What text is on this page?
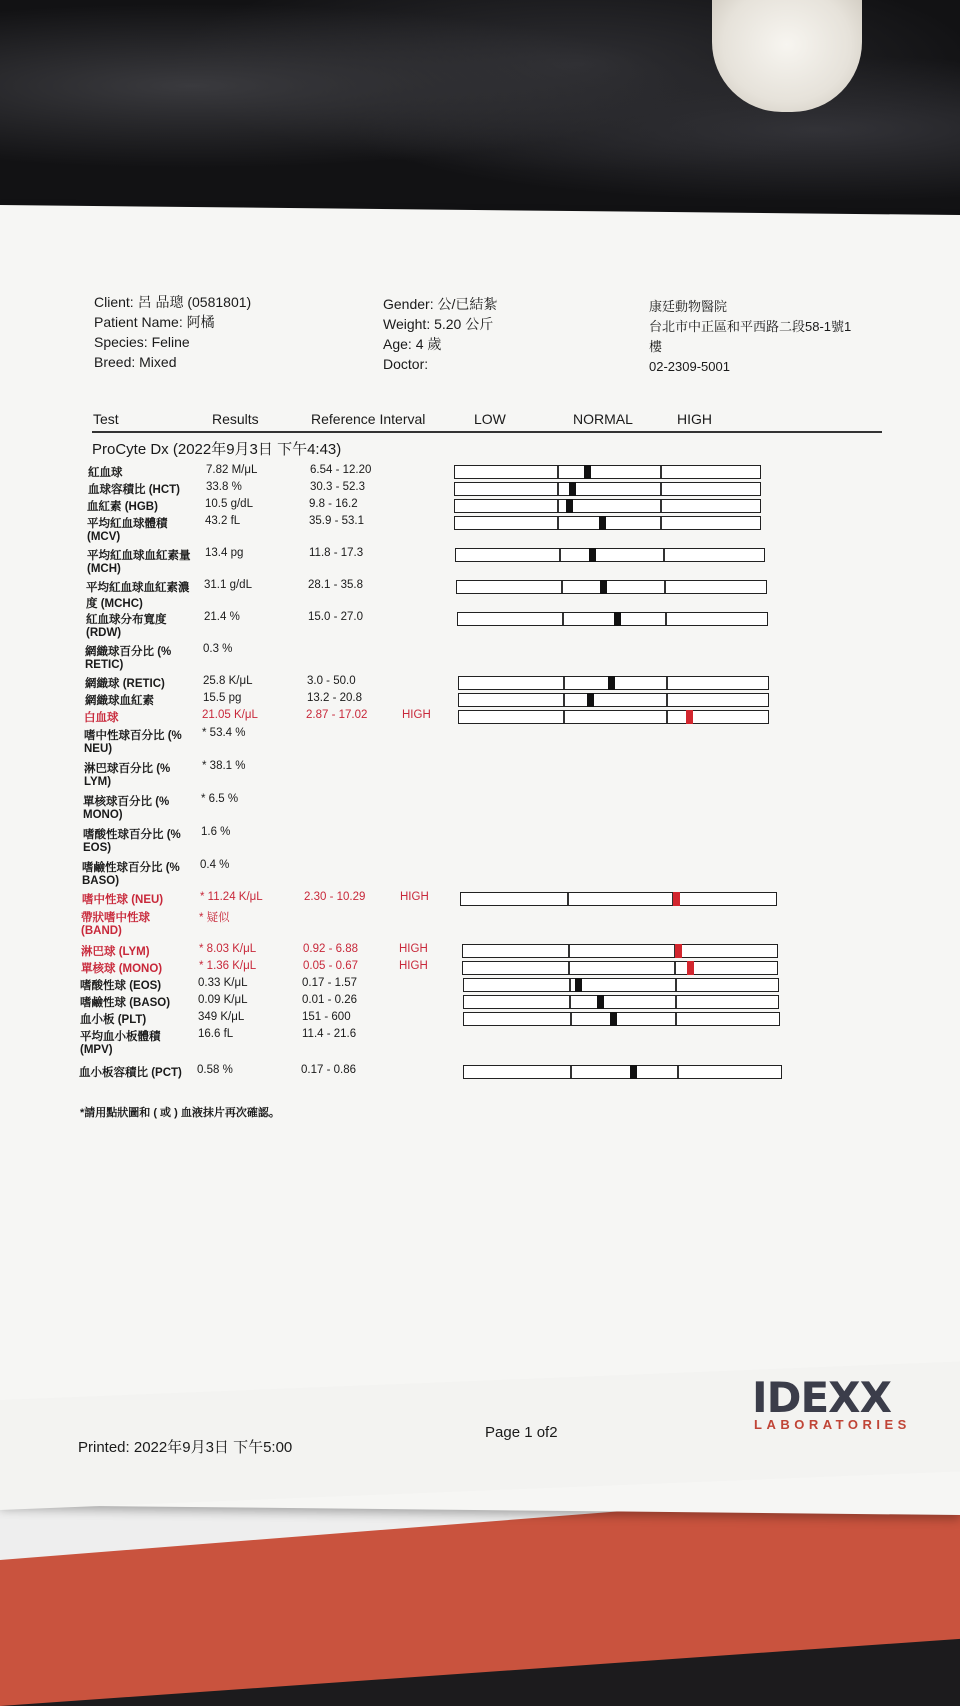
Client: 呂 品璁 (0581801)
Patient Name: 阿橘
Species: Feline
Breed: Mixed
Gender: 公/已結紮
Weight: 5.20 公斤
Age: 4 歲
Doctor:
康廷動物醫院
台北市中正區和平西路二段58-1號1
樓
02-2309-5001
Test	Results	Reference Interval	LOW	NORMAL	HIGH
ProCyte Dx (2022年9月3日 下午4:43)
紅血球	7.82 M/μL	6.54 - 12.20
血球容積比 (HCT) 33.8 %	30.3 - 52.3
血紅素 (HGB)	10.5 g/dL	9.8 - 16.2
平均紅血球體積
(MCV)
43.2 fL	35.9 - 53.1
平均紅血球血紅素量
(MCH)
13.4 pg	11.8 - 17.3
平均紅血球血紅素濃
度 (MCHC)
31.1 g/dL	28.1 - 35.8
紅血球分布寬度
(RDW)
21.4 %	15.0 - 27.0
網織球百分比 (%
RETIC)
0.3 %
網織球 (RETIC)	25.8 K/μL	3.0 - 50.0
網織球血紅素	15.5 pg	13.2 - 20.8
白血球	21.05 K/μL	2.87 - 17.02	HIGH
嗜中性球百分比 (%
NEU)
* 53.4 %
淋巴球百分比 (%
LYM)
* 38.1 %
單核球百分比 (%
MONO)
* 6.5 %
嗜酸性球百分比 (%
EOS)
1.6 %
嗜鹼性球百分比 (%
BASO)
0.4 %
嗜中性球 (NEU)	* 11.24 K/μL	2.30 - 10.29	HIGH
帶狀嗜中性球
(BAND)
* 疑似
淋巴球 (LYM)	* 8.03 K/μL	0.92 - 6.88	HIGH
單核球 (MONO)	* 1.36 K/μL	0.05 - 0.67	HIGH
嗜酸性球 (EOS)	0.33 K/μL	0.17 - 1.57
嗜鹼性球 (BASO) 0.09 K/μL	0.01 - 0.26
血小板 (PLT)	349 K/μL	151 - 600
平均血小板體積
(MPV)
16.6 fL	11.4 - 21.6
血小板容積比 (PCT) 0.58 %	0.17 - 0.86
*請用點狀圖和 ( 或 ) 血液抹片再次確認。
Printed: 2022年9月3日 下午5:00
Page 1 of2
IDEXX
LABORATORIES
